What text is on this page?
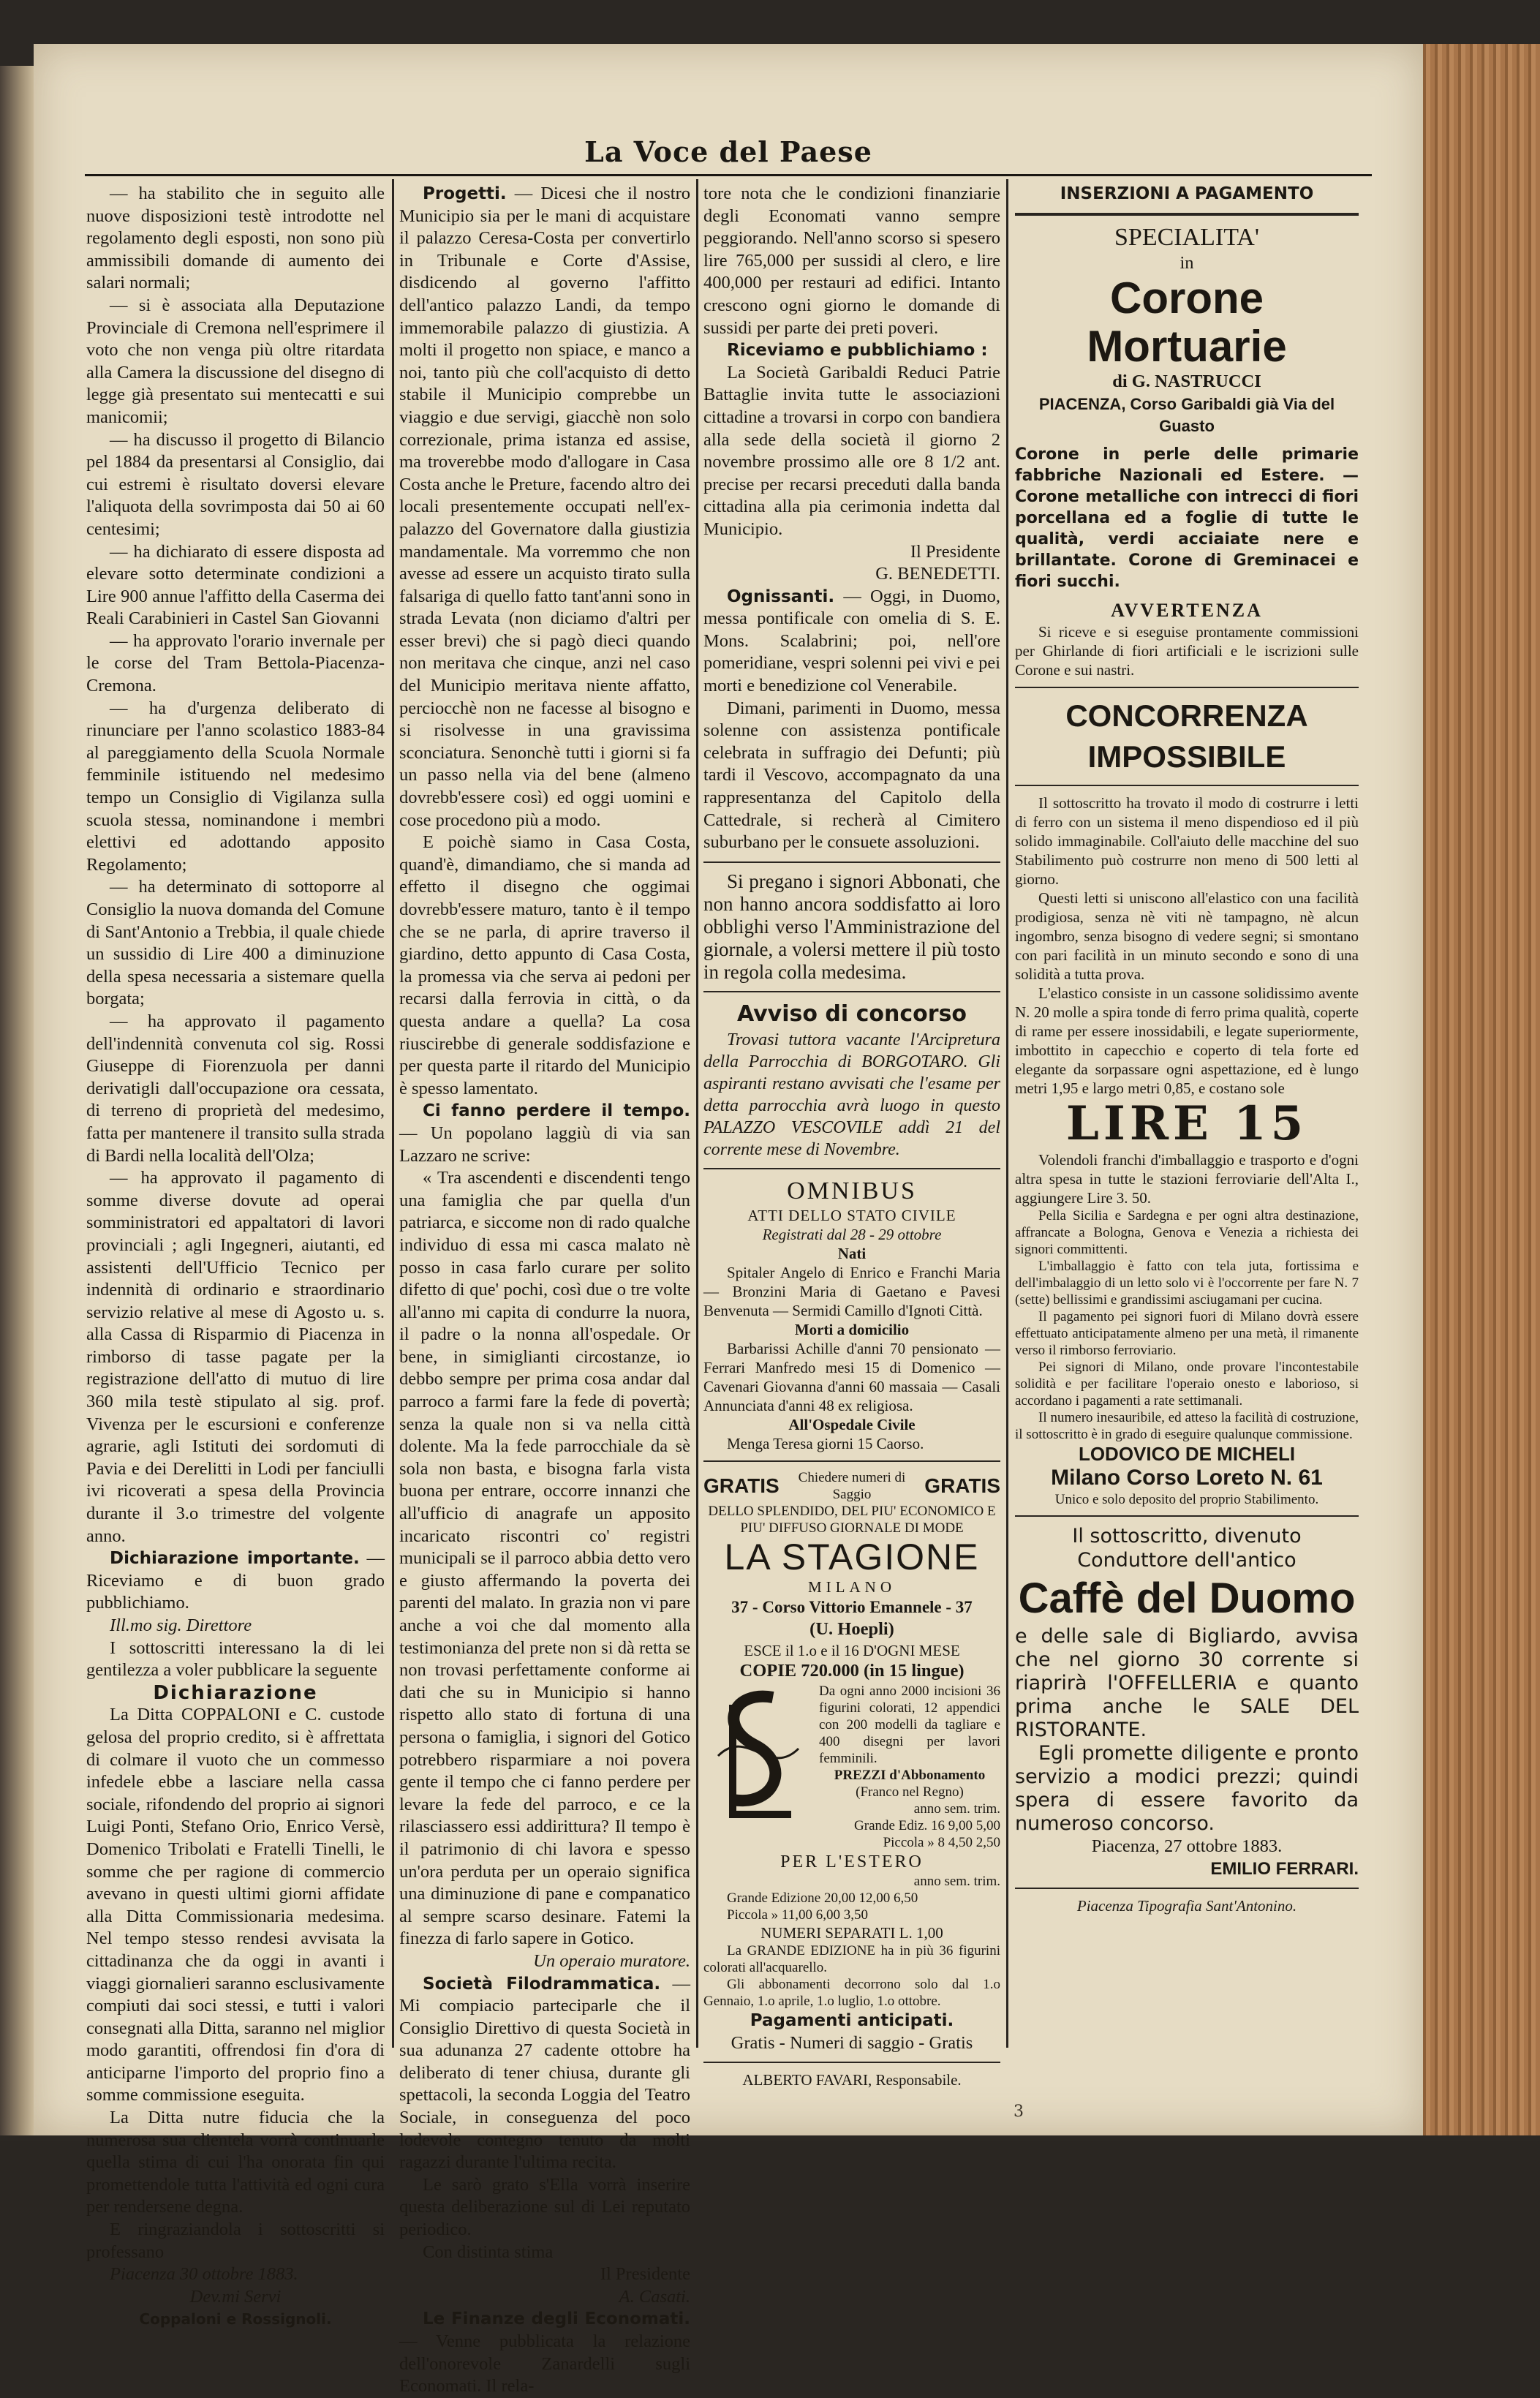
La Voce del Paese

— ha stabilito che in seguito alle nuove disposizioni testè introdotte nel regolamento degli esposti, non sono più ammissibili domande di aumento dei salari normali;

— si è associata alla Deputazione Provinciale di Cremona nell'esprimere il voto che non venga più oltre ritardata alla Camera la discussione del disegno di legge già presentato sui mentecatti e sui manicomii;

— ha discusso il progetto di Bilancio pel 1884 da presentarsi al Consiglio, dai cui estremi è risultato doversi elevare l'aliquota della sovrimposta dai 50 ai 60 centesimi;

— ha dichiarato di essere disposta ad elevare sotto determinate condizioni a Lire 900 annue l'affitto della Caserma dei Reali Carabinieri in Castel San Giovanni

— ha approvato l'orario invernale per le corse del Tram Bettola-Piacenza-Cremona.

— ha d'urgenza deliberato di rinunciare per l'anno scolastico 1883-84 al pareggiamento della Scuola Normale femminile istituendo nel medesimo tempo un Consiglio di Vigilanza sulla scuola stessa, nominandone i membri elettivi ed adottando apposito Regolamento;

— ha determinato di sottoporre al Consiglio la nuova domanda del Comune di Sant'Antonio a Trebbia, il quale chiede un sussidio di Lire 400 a diminuzione della spesa necessaria a sistemare quella borgata;

— ha approvato il pagamento dell'indennità convenuta col sig. Rossi Giuseppe di Fiorenzuola per danni derivatigli dall'occupazione ora cessata, di terreno di proprietà del medesimo, fatta per mantenere il transito sulla strada di Bardi nella località dell'Olza;

— ha approvato il pagamento di somme diverse dovute ad operai somministratori ed appaltatori di lavori provinciali ; agli Ingegneri, aiutanti, ed assistenti dell'Ufficio Tecnico per indennità di ordinario e straordinario servizio relative al mese di Agosto u. s. alla Cassa di Risparmio di Piacenza in rimborso di tasse pagate per la registrazione dell'atto di mutuo di lire 360 mila testè stipulato al sig. prof. Vivenza per le escursioni e conferenze agrarie, agli Istituti dei sordomuti di Pavia e dei Derelitti in Lodi per fanciulli ivi ricoverati a spesa della Provincia durante il 3.o trimestre del volgente anno.

Dichiarazione importante. — Riceviamo e di buon grado pubblichiamo.

Ill.mo sig. Direttore

I sottoscritti interessano la di lei gentilezza a voler pubblicare la seguente

Dichiarazione

La Ditta COPPALONI e C. custode gelosa del proprio credito, si è affrettata di colmare il vuoto che un commesso infedele ebbe a lasciare nella cassa sociale, rifondendo del proprio ai signori Luigi Ponti, Stefano Orio, Enrico Versè, Domenico Tribolati e Fratelli Tinelli, le somme che per ragione di commercio avevano in questi ultimi giorni affidate alla Ditta Commissionaria medesima. Nel tempo stesso rendesi avvisata la cittadinanza che da oggi in avanti i viaggi giornalieri saranno esclusivamente compiuti dai soci stessi, e tutti i valori consegnati alla Ditta, saranno nel miglior modo garantiti, offrendosi fin d'ora di anticiparne l'importo del proprio fino a somme commissione eseguita.

La Ditta nutre fiducia che la numerosa sua clientela vorrà continuarle quella stima di cui l'ha onorata fin qui promettendole tutta l'attività ed ogni cura per rendersene degna.

E ringraziandola i sottoscritti si professano

Piacenza 30 ottobre 1883.

Dev.mi Servi

Coppaloni e Rossignoli.

Progetti. — Dicesi che il nostro Municipio sia per le mani di acquistare il palazzo Ceresa-Costa per convertirlo in Tribunale e Corte d'Assise, disdicendo al governo l'affitto dell'antico palazzo Landi, da tempo immemorabile palazzo di giustizia. A molti il progetto non spiace, e manco a noi, tanto più che coll'acquisto di detto stabile il Municipio comprebbe un viaggio e due servigi, giacchè non solo correzionale, prima istanza ed assise, ma troverebbe modo d'allogare in Casa Costa anche le Preture, facendo altro dei locali presentemente occupati nell'ex-palazzo del Governatore dalla giustizia mandamentale. Ma vorremmo che non avesse ad essere un acquisto tirato sulla falsariga di quello fatto tant'anni sono in strada Levata (non diciamo d'altri per esser brevi) che si pagò dieci quando non meritava che cinque, anzi nel caso del Municipio meritava niente affatto, perciocchè non ne facesse al bisogno e si risolvesse in una gravissima sconciatura. Senonchè tutti i giorni si fa un passo nella via del bene (almeno dovrebb'essere così) ed oggi uomini e cose procedono più a modo.

E poichè siamo in Casa Costa, quand'è, dimandiamo, che si manda ad effetto il disegno che oggimai dovrebb'essere maturo, tanto è il tempo che se ne parla, di aprire traverso il giardino, detto appunto di Casa Costa, la promessa via che serva ai pedoni per recarsi dalla ferrovia in città, o da questa andare a quella? La cosa riuscirebbe di generale soddisfazione e per questa parte il ritardo del Municipio è spesso lamentato.

Ci fanno perdere il tempo. — Un popolano laggiù di via san Lazzaro ne scrive:

« Tra ascendenti e discendenti tengo una famiglia che par quella d'un patriarca, e siccome non di rado qualche individuo di essa mi casca malato nè posso in casa farlo curare per solito difetto di que' pochi, così due o tre volte all'anno mi capita di condurre la nuora, il padre o la nonna all'ospedale. Or bene, in simiglianti circostanze, io debbo sempre per prima cosa andar dal parroco a farmi fare la fede di povertà; senza la quale non si va nella città dolente. Ma la fede parrocchiale da sè sola non basta, e bisogna farla vista buona per entrare, occorre innanzi che all'ufficio di anagrafe un apposito incaricato riscontri co' registri municipali se il parroco abbia detto vero e giusto affermando la poverta dei parenti del malato. In grazia non vi pare anche a voi che dal momento alla testimonianza del prete non si dà retta se non trovasi perfettamente conforme ai dati che su in Municipio si hanno rispetto allo stato di fortuna di una persona o famiglia, i signori del Gotico potrebbero risparmiare a noi povera gente il tempo che ci fanno perdere per levare la fede del parroco, e ce la rilasciassero essi addirittura? Il tempo è il patrimonio di chi lavora e spesso un'ora perduta per un operaio significa una diminuzione di pane e companatico al sempre scarso desinare. Fatemi la finezza di farlo sapere in Gotico.

Un operaio muratore.

Società Filodrammatica. — Mi compiacio parteciparle che il Consiglio Direttivo di questa Società in sua adunanza 27 cadente ottobre ha deliberato di tener chiusa, durante gli spettacoli, la seconda Loggia del Teatro Sociale, in conseguenza del poco lodevole contegno tenuto da molti ragazzi durante l'ultima recita.

Le sarò grato s'Ella vorrà inserire questa deliberazione sul di Lei reputato periodico.

Con distinta stima

Il Presidente

A. Casati.

Le Finanze degli Economati. — Venne pubblicata la relazione dell'onorevole Zanardelli sugli Economati. Il rela-

tore nota che le condizioni finanziarie degli Economati vanno sempre peggiorando. Nell'anno scorso si spesero lire 765,000 per sussidi al clero, e lire 400,000 per restauri ad edifici. Intanto crescono ogni giorno le domande di sussidi per parte dei preti poveri.

Riceviamo e pubblichiamo :

La Società Garibaldi Reduci Patrie Battaglie invita tutte le associazioni cittadine a trovarsi in corpo con bandiera alla sede della società il giorno 2 novembre prossimo alle ore 8 1/2 ant. precise per recarsi preceduti dalla banda cittadina alla pia cerimonia indetta dal Municipio.

Il Presidente

G. BENEDETTI.

Ognissanti. — Oggi, in Duomo, messa pontificale con omelia di S. E. Mons. Scalabrini; poi, nell'ore pomeridiane, vespri solenni pei vivi e pei morti e benedizione col Venerabile.

Dimani, parimenti in Duomo, messa solenne con assistenza pontificale celebrata in suffragio dei Defunti; più tardi il Vescovo, accompagnato da una rappresentanza del Capitolo della Cattedrale, si recherà al Cimitero suburbano per le consuete assoluzioni.

Si pregano i signori Abbonati, che non hanno ancora soddisfatto ai loro obblighi verso l'Amministrazione del giornale, a volersi mettere il più tosto in regola colla medesima.

Avviso di concorso

Trovasi tuttora vacante l'Arcipretura della Parrocchia di BORGOTARO. Gli aspiranti restano avvisati che l'esame per detta parrocchia avrà luogo in questo PALAZZO VESCOVILE addì 21 del corrente mese di Novembre.

OMNIBUS

ATTI DELLO STATO CIVILE

Registrati dal 28 - 29 ottobre

Nati

Spitaler Angelo di Enrico e Franchi Maria — Bronzini Maria di Gaetano e Pavesi Benvenuta — Sermidi Camillo d'Ignoti Città.

Morti a domicilio

Barbarissi Achille d'anni 70 pensionato — Ferrari Manfredo mesi 15 di Domenico — Cavenari Giovanna d'anni 60 massaia — Casali Annunciata d'anni 48 ex religiosa.

All'Ospedale Civile

Menga Teresa giorni 15 Caorso.

GRATIS	Chiedere numeri di Saggio	GRATIS

DELLO SPLENDIDO, DEL PIU' ECONOMICO E PIU' DIFFUSO GIORNALE DI MODE

LA STAGIONE

MILANO

37 - Corso Vittorio Emannele - 37

(U. Hoepli)

ESCE il 1.o e il 16 D'OGNI MESE

COPIE 720.000 (in 15 lingue)

Da ogni anno 2000 incisioni 36 figurini colorati, 12 appendici con 200 modelli da tagliare e 400 disegni per lavori femminili.

PREZZI d'Abbonamento

(Franco nel Regno)

anno sem. trim.

Grande Ediz. 16 9,00 5,00

Piccola » 8 4,50 2,50

PER L'ESTERO

anno sem. trim.

Grande Edizione 20,00 12,00 6,50

Piccola » 11,00 6,00 3,50

NUMERI SEPARATI L. 1,00

La GRANDE EDIZIONE ha in più 36 figurini colorati all'acquarello.

Gli abbonamenti decorrono solo dal 1.o Gennaio, 1.o aprile, 1.o luglio, 1.o ottobre.

Pagamenti anticipati.

Gratis - Numeri di saggio - Gratis

ALBERTO FAVARI, Responsabile.

INSERZIONI A PAGAMENTO

SPECIALITA'

in

Corone Mortuarie

di G. NASTRUCCI

PIACENZA, Corso Garibaldi già Via del Guasto

Corone in perle delle primarie fabbriche Nazionali ed Estere. — Corone metalliche con intrecci di fiori porcellana ed a foglie di tutte le qualità, verdi acciaiate nere e brillantate. Corone di Greminacei e fiori succhi.

AVVERTENZA

Si riceve e si eseguise prontamente commissioni per Ghirlande di fiori artificiali e le iscrizioni sulle Corone e sui nastri.

CONCORRENZA IMPOSSIBILE

Il sottoscritto ha trovato il modo di costrurre i letti di ferro con un sistema il meno dispendioso ed il più solido immaginabile. Coll'aiuto delle macchine del suo Stabilimento può costrurre non meno di 500 letti al giorno.

Questi letti si uniscono all'elastico con una facilità prodigiosa, senza nè viti nè tampagno, nè alcun ingombro, senza bisogno di vedere segni; si smontano con pari facilità in un minuto secondo e sono di una solidità a tutta prova.

L'elastico consiste in un cassone solidissimo avente N. 20 molle a spira tonde di ferro prima qualità, coperte di rame per essere inossidabili, e legate superiormente, imbottito in capecchio e coperto di tela forte ed elegante da sorpassare ogni aspettazione, ed è lungo metri 1,95 e largo metri 0,85, e costano sole

LIRE 15

Volendoli franchi d'imballaggio e trasporto e d'ogni altra spesa in tutte le stazioni ferroviarie dell'Alta I., aggiungere Lire 3. 50.

Pella Sicilia e Sardegna e per ogni altra destinazione, affrancate a Bologna, Genova e Venezia a richiesta dei signori committenti.

L'imballaggio è fatto con tela juta, fortissima e dell'imbalaggio di un letto solo vi è l'occorrente per fare N. 7 (sette) bellissimi e grandissimi asciugamani per cucina.

Il pagamento pei signori fuori di Milano dovrà essere effettuato anticipatamente almeno per una metà, il rimanente verso il rimborso ferroviario.

Pei signori di Milano, onde provare l'incontestabile solidità e per facilitare l'operaio onesto e laborioso, si accordano i pagamenti a rate settimanali.

Il numero inesauribile, ed atteso la facilità di costruzione, il sottoscritto è in grado di eseguire qualunque commissione.

LODOVICO DE MICHELI

Milano Corso Loreto N. 61

Unico e solo deposito del proprio Stabilimento.

Il sottoscritto, divenuto Conduttore dell'antico

Caffè del Duomo

e delle sale di Bigliardo, avvisa che nel giorno 30 corrente si riaprirà l'OFFELLERIA e quanto prima anche le SALE DEL RISTORANTE.

Egli promette diligente e pronto servizio a modici prezzi; quindi spera di essere favorito da numeroso concorso.

Piacenza, 27 ottobre 1883.

EMILIO FERRARI.

Piacenza Tipografia Sant'Antonino.

3
